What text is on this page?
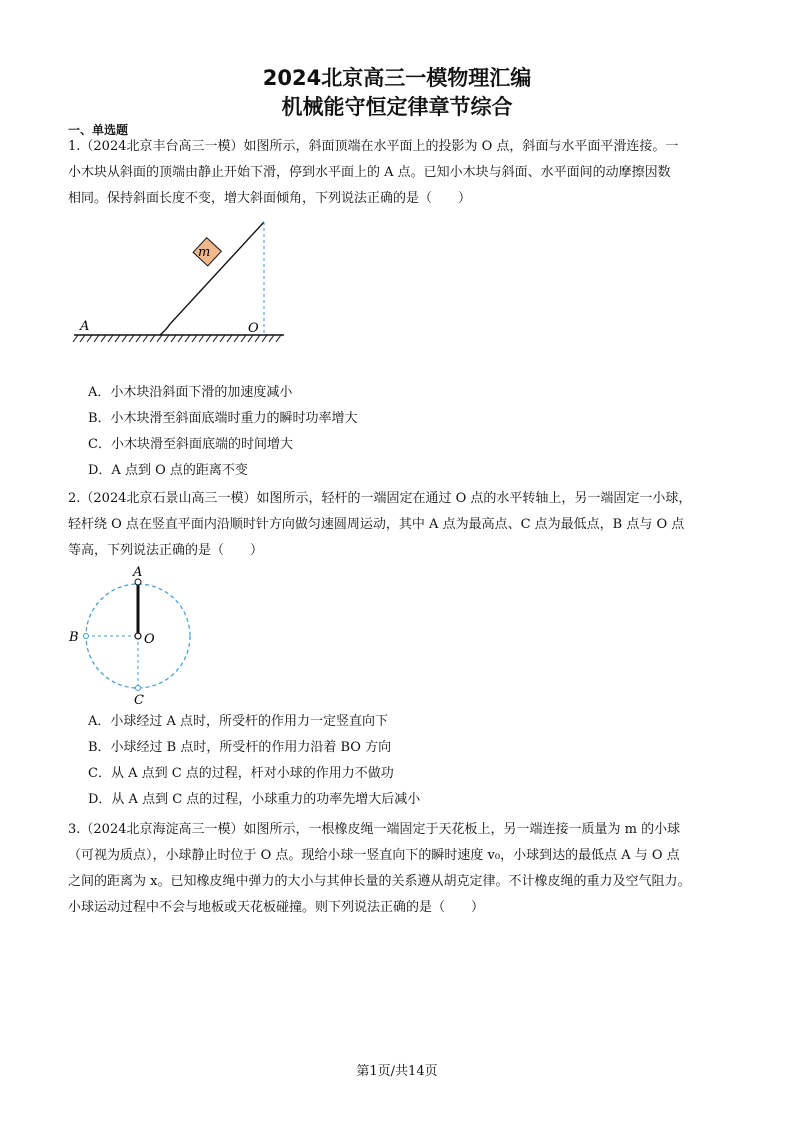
2024北京高三一模物理汇编
机械能守恒定律章节综合
一、单选题
1.（2024北京丰台高三一模）如图所示，斜面顶端在水平面上的投影为 O 点，斜面与水平面平滑连接。一
小木块从斜面的顶端由静止开始下滑，停到水平面上的 A 点。已知小木块与斜面、水平面间的动摩擦因数
相同。保持斜面长度不变，增大斜面倾角，下列说法正确的是（　　）
m
A	O
A．小木块沿斜面下滑的加速度减小
B．小木块滑至斜面底端时重力的瞬时功率增大
C．小木块滑至斜面底端的时间增大
D．A 点到 O 点的距离不变
2.（2024北京石景山高三一模）如图所示，轻杆的一端固定在通过 O 点的水平转轴上，另一端固定一小球，
轻杆绕 O 点在竖直平面内沿顺时针方向做匀速圆周运动，其中 A 点为最高点、C 点为最低点，B 点与 O 点
等高，下列说法正确的是（　　）
A
B	O
C
A．小球经过 A 点时，所受杆的作用力一定竖直向下
B．小球经过 B 点时，所受杆的作用力沿着 BO 方向
C．从 A 点到 C 点的过程，杆对小球的作用力不做功
D．从 A 点到 C 点的过程，小球重力的功率先增大后减小
3.（2024北京海淀高三一模）如图所示，一根橡皮绳一端固定于天花板上，另一端连接一质量为 m 的小球
（可视为质点），小球静止时位于 O 点。现给小球一竖直向下的瞬时速度 v₀，小球到达的最低点 A 与 O 点
之间的距离为 x。已知橡皮绳中弹力的大小与其伸长量的关系遵从胡克定律。不计橡皮绳的重力及空气阻力。
小球运动过程中不会与地板或天花板碰撞。则下列说法正确的是（　　）
第1页/共14页
